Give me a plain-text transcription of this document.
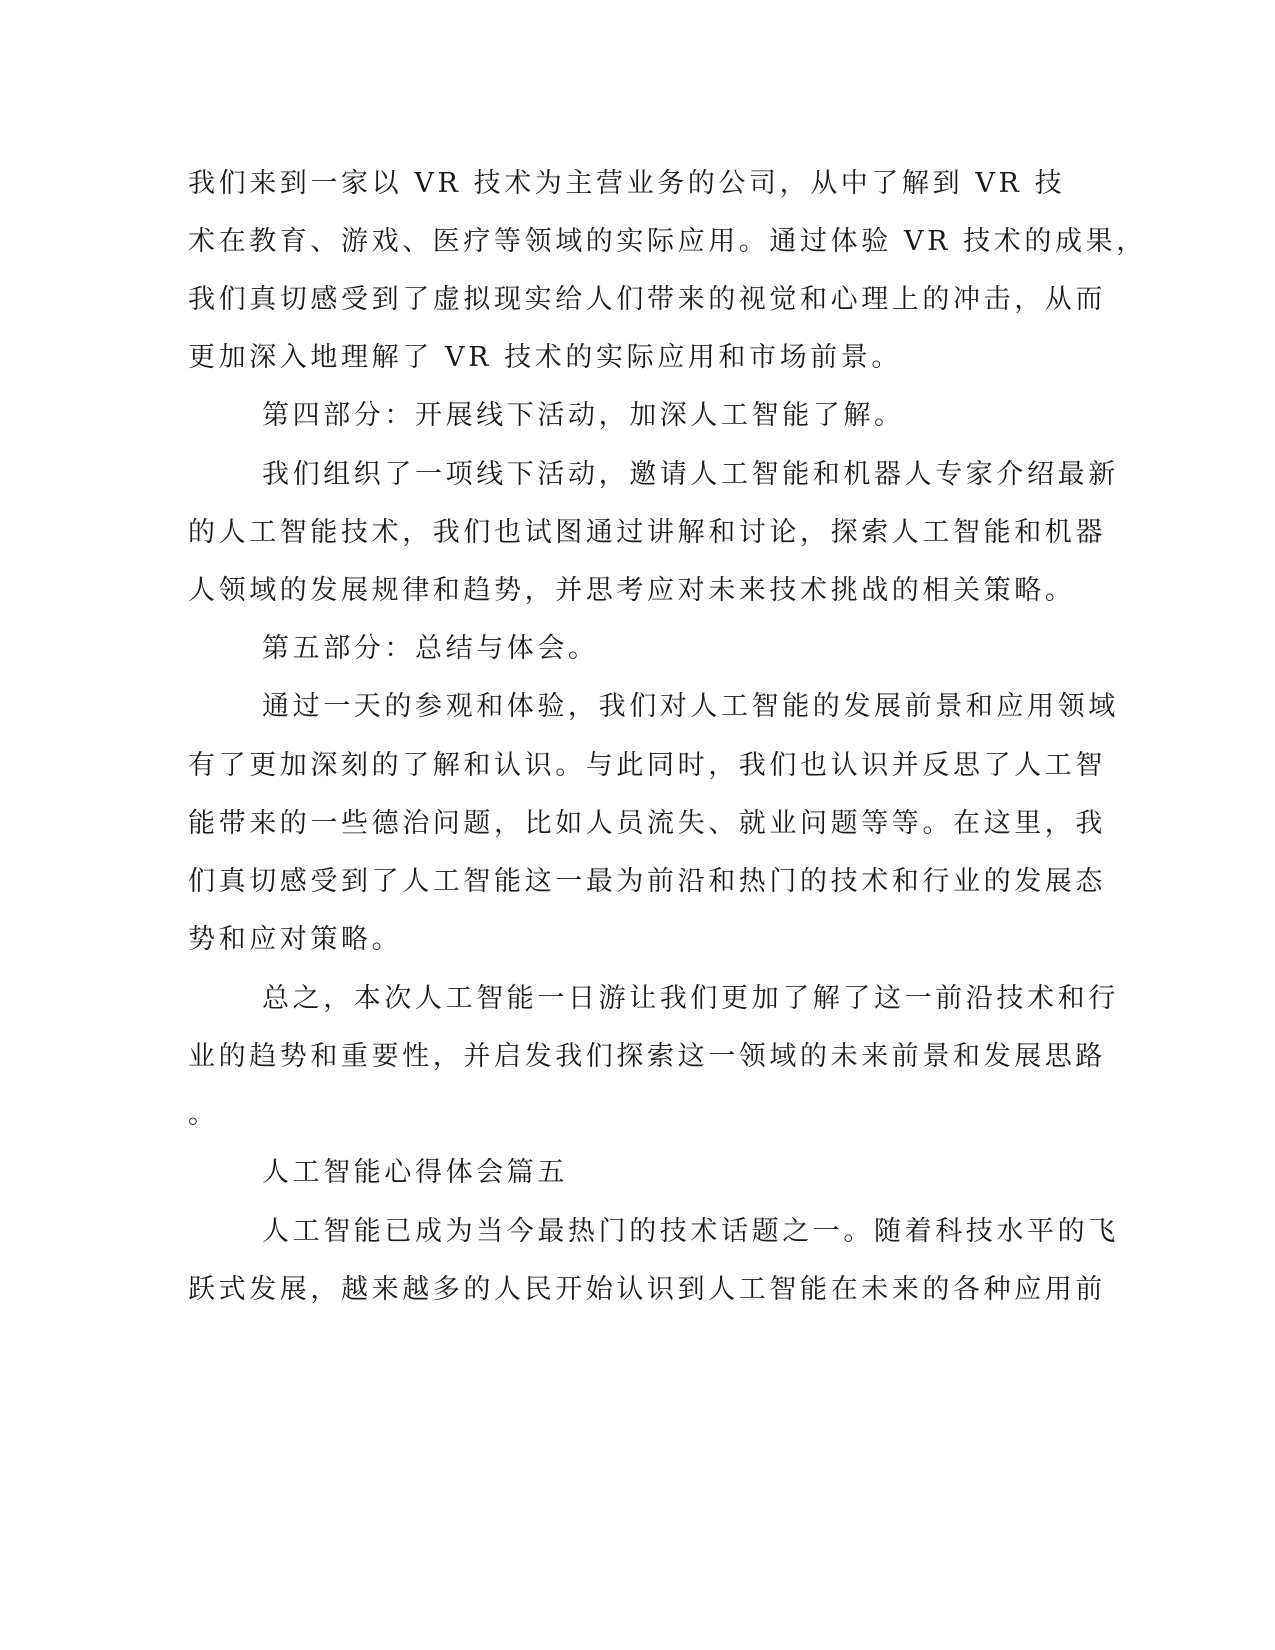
我们来到一家以 VR 技术为主营业务的公司，从中了解到 VR 技
术在教育、游戏、医疗等领域的实际应用。通过体验 VR 技术的成果，
我们真切感受到了虚拟现实给人们带来的视觉和心理上的冲击，从而
更加深入地理解了 VR 技术的实际应用和市场前景。
第四部分：开展线下活动，加深人工智能了解。
我们组织了一项线下活动，邀请人工智能和机器人专家介绍最新
的人工智能技术，我们也试图通过讲解和讨论，探索人工智能和机器
人领域的发展规律和趋势，并思考应对未来技术挑战的相关策略。
第五部分：总结与体会。
通过一天的参观和体验，我们对人工智能的发展前景和应用领域
有了更加深刻的了解和认识。与此同时，我们也认识并反思了人工智
能带来的一些德治问题，比如人员流失、就业问题等等。在这里，我
们真切感受到了人工智能这一最为前沿和热门的技术和行业的发展态
势和应对策略。
总之，本次人工智能一日游让我们更加了解了这一前沿技术和行
业的趋势和重要性，并启发我们探索这一领域的未来前景和发展思路
。
人工智能心得体会篇五
人工智能已成为当今最热门的技术话题之一。随着科技水平的飞
跃式发展，越来越多的人民开始认识到人工智能在未来的各种应用前
